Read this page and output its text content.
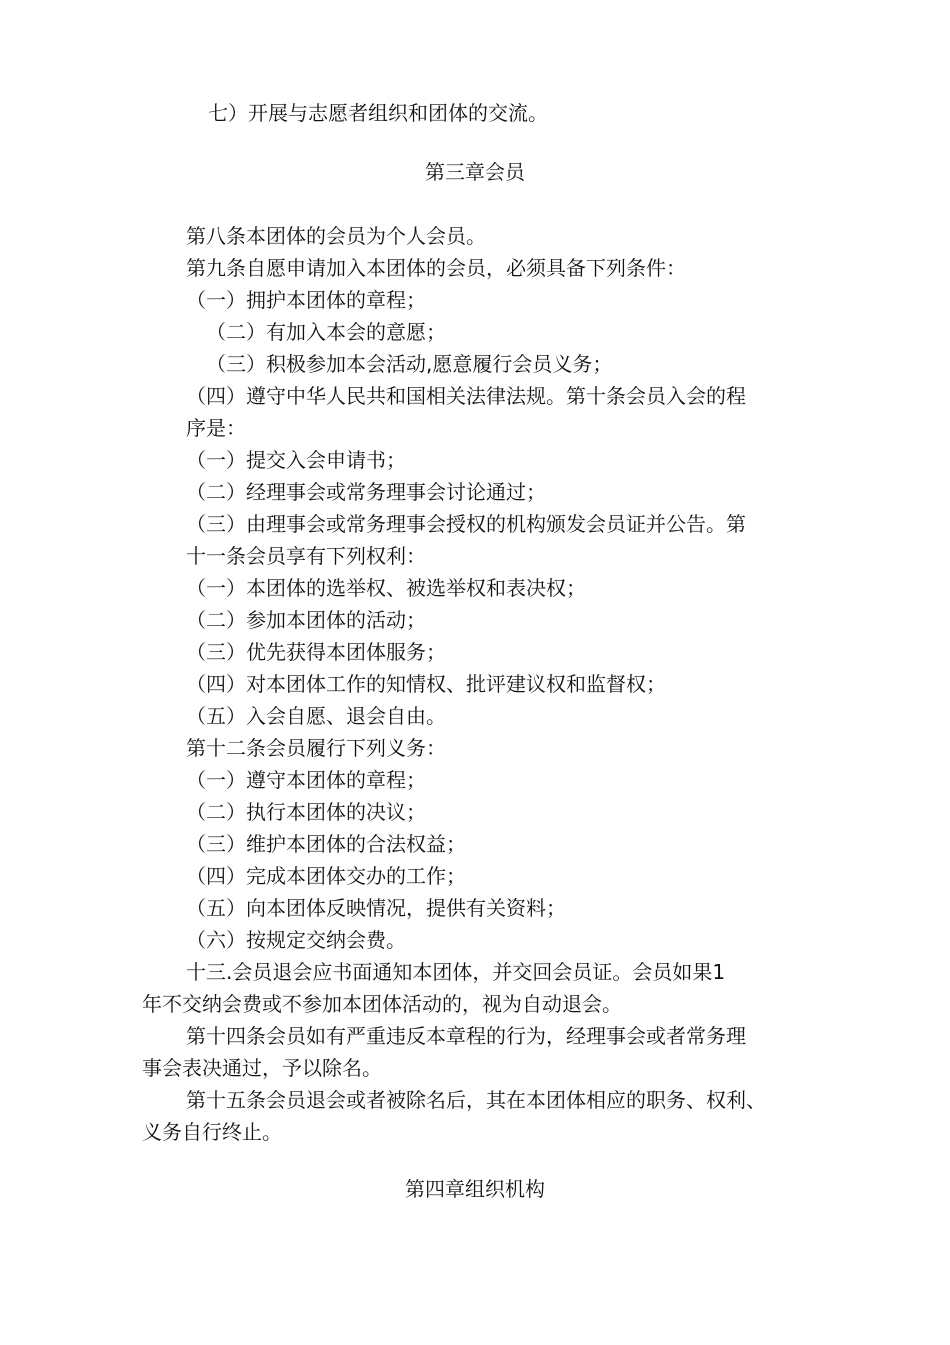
七）开展与志愿者组织和团体的交流。
第三章会员
第八条本团体的会员为个人会员。
第九条自愿申请加入本团体的会员，必须具备下列条件：
（一）拥护本团体的章程；
（二）有加入本会的意愿；
（三）积极参加本会活动,愿意履行会员义务；
（四）遵守中华人民共和国相关法律法规。第十条会员入会的程
序是：
（一）提交入会申请书；
（二）经理事会或常务理事会讨论通过；
（三）由理事会或常务理事会授权的机构颁发会员证并公告。第
十一条会员享有下列权利：
（一）本团体的选举权、被选举权和表决权；
（二）参加本团体的活动；
（三）优先获得本团体服务；
（四）对本团体工作的知情权、批评建议权和监督权；
（五）入会自愿、退会自由。
第十二条会员履行下列义务：
（一）遵守本团体的章程；
（二）执行本团体的决议；
（三）维护本团体的合法权益；
（四）完成本团体交办的工作；
（五）向本团体反映情况，提供有关资料；
（六）按规定交纳会费。
十三.会员退会应书面通知本团体，并交回会员证。会员如果1
年不交纳会费或不参加本团体活动的，视为自动退会。
第十四条会员如有严重违反本章程的行为，经理事会或者常务理
事会表决通过，予以除名。
第十五条会员退会或者被除名后，其在本团体相应的职务、权利、
义务自行终止。
第四章组织机构
